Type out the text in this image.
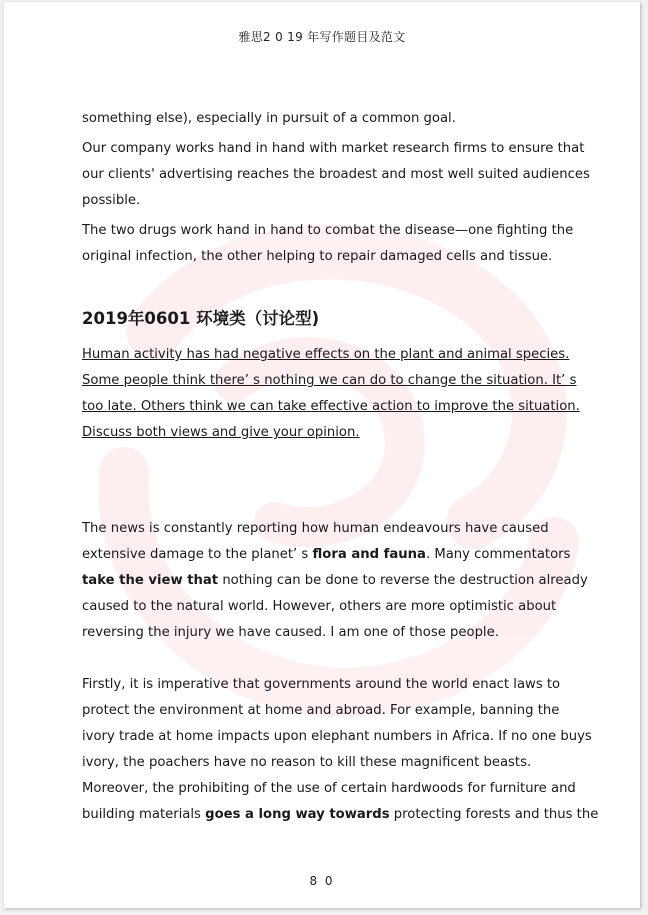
雅思2 0 19 年写作题目及范文

something else), especially in pursuit of a common goal.

Our company works hand in hand with market research firms to ensure that
our clients' advertising reaches the broadest and most well suited audiences
possible.

The two drugs work hand in hand to combat the disease—one fighting the
original infection, the other helping to repair damaged cells and tissue.

2019年0601 环境类（讨论型)

Human activity has had negative effects on the plant and animal species.
Some people think there’ s nothing we can do to change the situation. It’ s
too late. Others think we can take effective action to improve the situation.
Discuss both views and give your opinion.

The news is constantly reporting how human endeavours have caused
extensive damage to the planet’ s flora and fauna. Many commentators
take the view that nothing can be done to reverse the destruction already
caused to the natural world. However, others are more optimistic about
reversing the injury we have caused. I am one of those people.

Firstly, it is imperative that governments around the world enact laws to
protect the environment at home and abroad. For example, banning the
ivory trade at home impacts upon elephant numbers in Africa. If no one buys
ivory, the poachers have no reason to kill these magnificent beasts.
Moreover, the prohibiting of the use of certain hardwoods for furniture and
building materials goes a long way towards protecting forests and thus the

8 0
